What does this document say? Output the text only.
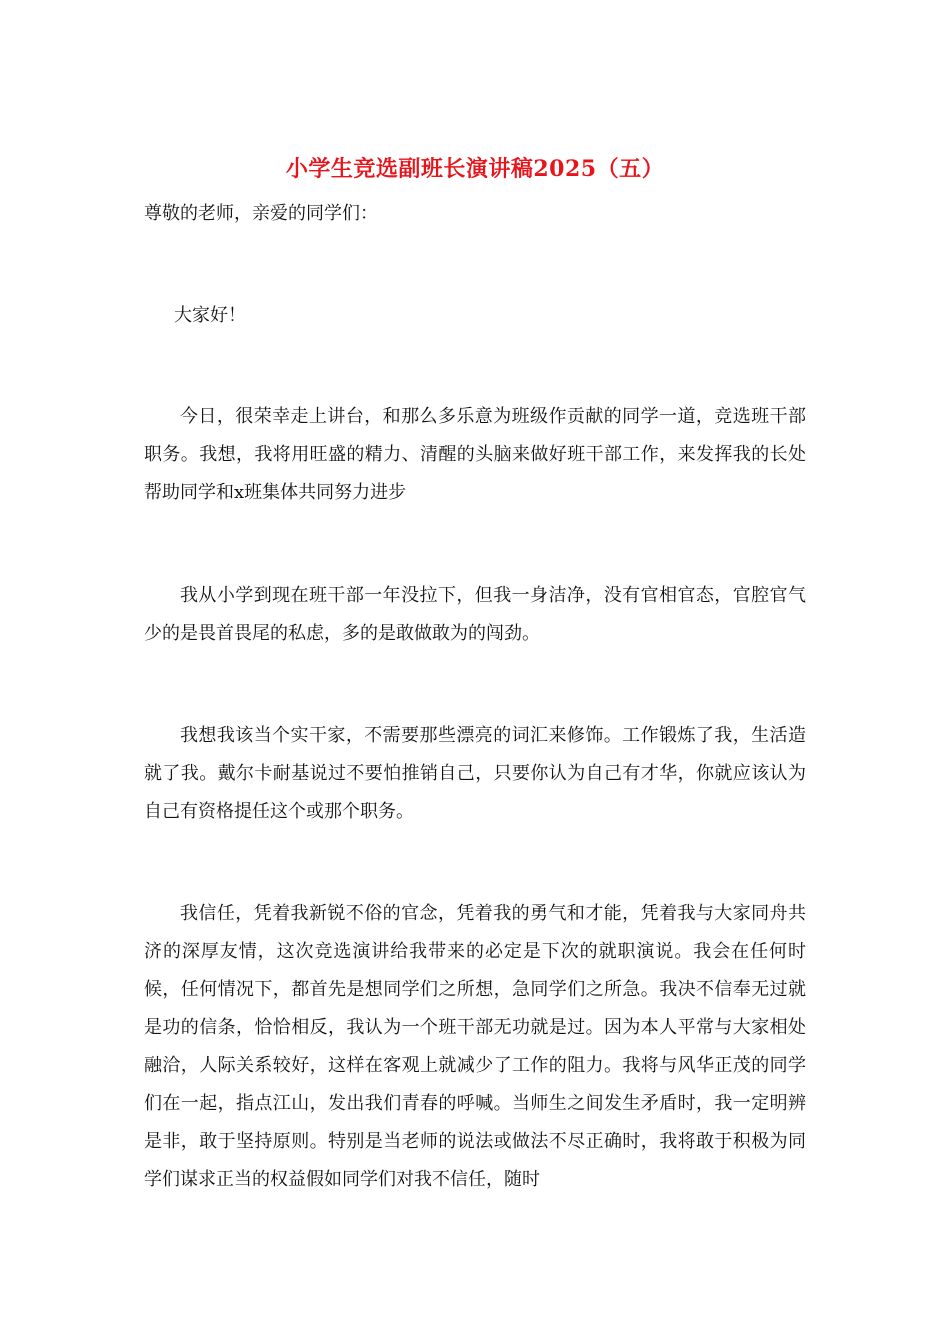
小学生竞选副班长演讲稿2025（五）
尊敬的老师，亲爱的同学们：
大家好！
今日，很荣幸走上讲台，和那么多乐意为班级作贡献的同学一道，竞选班干部职务。我想，我将用旺盛的精力、清醒的头脑来做好班干部工作，来发挥我的长处帮助同学和x班集体共同努力进步
我从小学到现在班干部一年没拉下，但我一身洁净，没有官相官态，官腔官气少的是畏首畏尾的私虑，多的是敢做敢为的闯劲。
我想我该当个实干家，不需要那些漂亮的词汇来修饰。工作锻炼了我，生活造就了我。戴尔卡耐基说过不要怕推销自己，只要你认为自己有才华，你就应该认为自己有资格提任这个或那个职务。
我信任，凭着我新锐不俗的官念，凭着我的勇气和才能，凭着我与大家同舟共济的深厚友情，这次竞选演讲给我带来的必定是下次的就职演说。我会在任何时候，任何情况下，都首先是想同学们之所想，急同学们之所急。我决不信奉无过就是功的信条，恰恰相反，我认为一个班干部无功就是过。因为本人平常与大家相处融洽，人际关系较好，这样在客观上就减少了工作的阻力。我将与风华正茂的同学们在一起，指点江山，发出我们青春的呼喊。当师生之间发生矛盾时，我一定明辨是非，敢于坚持原则。特别是当老师的说法或做法不尽正确时，我将敢于积极为同学们谋求正当的权益假如同学们对我不信任，随时
